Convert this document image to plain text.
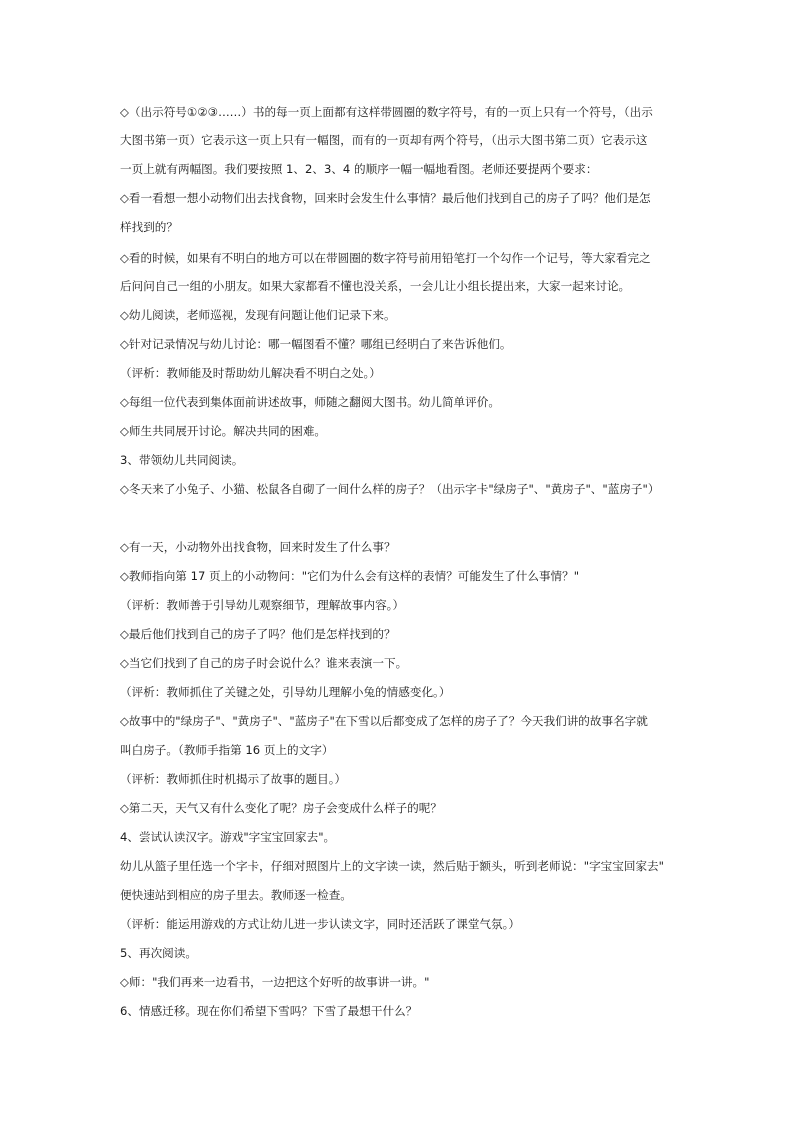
◇（出示符号①②③……）书的每一页上面都有这样带圆圈的数字符号，有的一页上只有一个符号，（出示
大图书第一页）它表示这一页上只有一幅图，而有的一页却有两个符号，（出示大图书第二页）它表示这
一页上就有两幅图。我们要按照 1、2、3、4 的顺序一幅一幅地看图。老师还要提两个要求：
◇看一看想一想小动物们出去找食物，回来时会发生什么事情？最后他们找到自己的房子了吗？他们是怎
样找到的？
◇看的时候，如果有不明白的地方可以在带圆圈的数字符号前用铅笔打一个勾作一个记号，等大家看完之
后问问自己一组的小朋友。如果大家都看不懂也没关系，一会儿让小组长提出来，大家一起来讨论。
◇幼儿阅读，老师巡视，发现有问题让他们记录下来。
◇针对记录情况与幼儿讨论：哪一幅图看不懂？哪组已经明白了来告诉他们。
（评析：教师能及时帮助幼儿解决看不明白之处。）
◇每组一位代表到集体面前讲述故事，师随之翻阅大图书。幼儿简单评价。
◇师生共同展开讨论。解决共同的困难。
3、带领幼儿共同阅读。
◇冬天来了小兔子、小猫、松鼠各自砌了一间什么样的房子？（出示字卡"绿房子"、"黄房子"、"蓝房子"）
◇有一天，小动物外出找食物，回来时发生了什么事？
◇教师指向第 17 页上的小动物问："它们为什么会有这样的表情？可能发生了什么事情？"
（评析：教师善于引导幼儿观察细节，理解故事内容。）
◇最后他们找到自己的房子了吗？他们是怎样找到的？
◇当它们找到了自己的房子时会说什么？谁来表演一下。
（评析：教师抓住了关键之处，引导幼儿理解小兔的情感变化。）
◇故事中的"绿房子"、"黄房子"、"蓝房子"在下雪以后都变成了怎样的房子了？今天我们讲的故事名字就
叫白房子。（教师手指第 16 页上的文字）
（评析：教师抓住时机揭示了故事的题目。）
◇第二天，天气又有什么变化了呢？房子会变成什么样子的呢？
4、尝试认读汉字。游戏"字宝宝回家去"。
幼儿从篮子里任选一个字卡，仔细对照图片上的文字读一读，然后贴于额头，听到老师说："字宝宝回家去"
便快速站到相应的房子里去。教师逐一检查。
（评析：能运用游戏的方式让幼儿进一步认读文字，同时还活跃了课堂气氛。）
5、再次阅读。
◇师："我们再来一边看书，一边把这个好听的故事讲一讲。"
6、情感迁移。现在你们希望下雪吗？下雪了最想干什么？
